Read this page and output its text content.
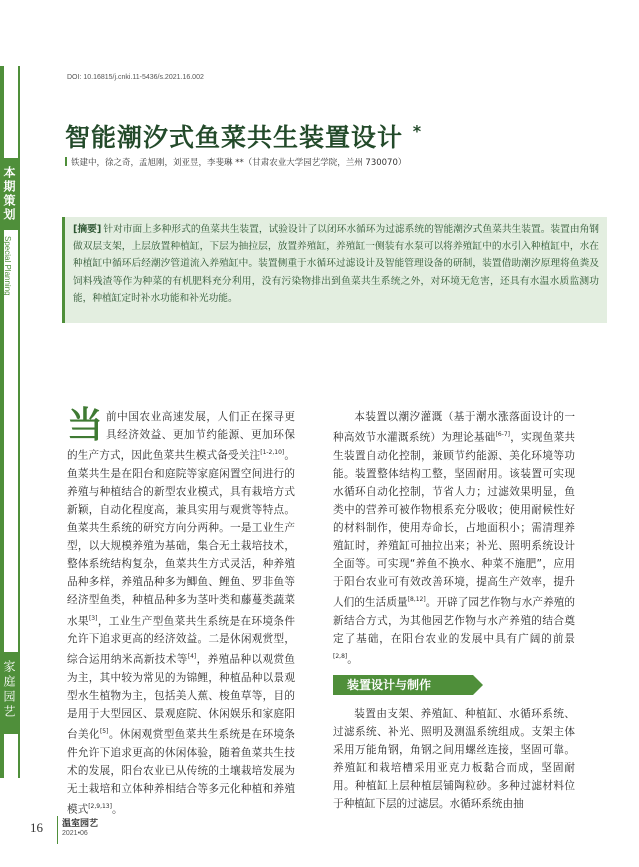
本期策划
Special Planning
家庭园艺
DOI: 10.16815/j.cnki.11-5436/s.2021.16.002
智能潮汐式鱼菜共生装置设计 *
铁建中，徐之奇，孟旭刚，刘亚昱，李斐琳 **（甘肃农业大学园艺学院，兰州 730070）
[摘要] 针对市面上多种形式的鱼菜共生装置，试验设计了以闭环水循环为过滤系统的智能潮汐式鱼菜共生装置。装置由角钢做双层支架，上层放置种植缸，下层为抽拉层，放置养殖缸，养殖缸一侧装有水泵可以将养殖缸中的水引入种植缸中，水在种植缸中循环后经潮汐管道流入养殖缸中。装置侧重于水循环过滤设计及智能管理设备的研制，装置借助潮汐原理将鱼粪及饲料残渣等作为种菜的有机肥料充分利用，没有污染物排出到鱼菜共生系统之外，对环境无危害，还具有水温水质监测功能，种植缸定时补水功能和补光功能。

当前中国农业高速发展，人们正在探寻更具经济效益、更加节约能源、更加环保的生产方式，因此鱼菜共生模式备受关注[1-2,10]。鱼菜共生是在阳台和庭院等家庭闲置空间进行的养殖与种植结合的新型农业模式，具有栽培方式新颖，自动化程度高，兼具实用与观赏等特点。鱼菜共生系统的研究方向分两种。一是工业生产型，以大规模养殖为基础，集合无土栽培技术，整体系统结构复杂，鱼菜共生方式灵活，种养殖品种多样，养殖品种多为鲫鱼、鲤鱼、罗非鱼等经济型鱼类，种植品种多为茎叶类和藤蔓类蔬菜水果[3]，工业生产型鱼菜共生系统是在环境条件允许下追求更高的经济效益。二是休闲观赏型，综合运用纳米高新技术等[4]，养殖品种以观赏鱼为主，其中较为常见的为锦鲤，种植品种以景观型水生植物为主，包括美人蕉、梭鱼草等，目的是用于大型园区、景观庭院、休闲娱乐和家庭阳台美化[5]。休闲观赏型鱼菜共生系统是在环境条件允许下追求更高的休闲体验，随着鱼菜共生技术的发展，阳台农业已从传统的土壤栽培发展为无土栽培和立体种养相结合等多元化种植和养殖模式[2,9,13]。

本装置以潮汐灌溉（基于潮水涨落面设计的一种高效节水灌溉系统）为理论基础[6-7]，实现鱼菜共生装置自动化控制，兼顾节约能源、美化环境等功能。装置整体结构工整，坚固耐用。该装置可实现水循环自动化控制，节省人力；过滤效果明显，鱼类中的营养可被作物根系充分吸收；使用耐候性好的材料制作，使用寿命长，占地面积小；需清理养殖缸时，养殖缸可抽拉出来；补光、照明系统设计全面等。可实现“养鱼不换水、种菜不施肥”，应用于阳台农业可有效改善环境，提高生产效率，提升人们的生活质量[8,12]。开辟了园艺作物与水产养殖的新结合方式，为其他园艺作物与水产养殖的结合奠定了基础，在阳台农业的发展中具有广阔的前景[2,8]。

装置设计与制作

装置由支架、养殖缸、种植缸、水循环系统、过滤系统、补光、照明及测温系统组成。支架主体采用万能角钢，角钢之间用螺丝连接，坚固可靠。养殖缸和栽培槽采用亚克力板黏合而成，坚固耐用。种植缸上层种植层铺陶粒砂。多种过滤材料位于种植缸下层的过滤层。水循环系统由抽

16 温室园艺
2021•06
